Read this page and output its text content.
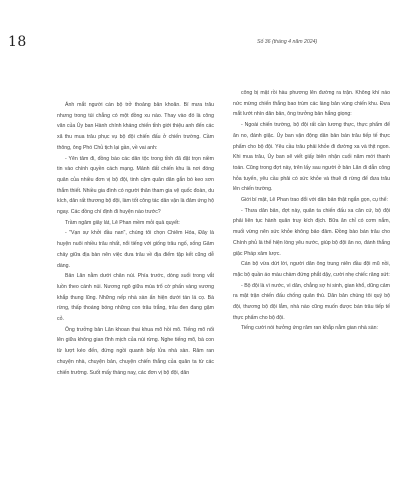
18	Số 36 (tháng 4 năm 2024)

Ánh mắt người cán bộ trở thoảng bân khoăn. Bí mưa trâu nhưng trong túi chẳng có một đồng xu nào. Thay vào đó là công văn của Ủy ban Hành chính kháng chiến tỉnh giới thiệu anh đến các xã thu mua trâu phục vụ bộ đội chiến đấu ở chiến trường. Cầm thông, ông Phó Chủ tịch lại gần, về vai anh:

- Yên tâm đi, đồng bào các dân tộc trong tỉnh đã đặt trọn niềm tin vào chính quyền cách mạng. Mảnh đất chiến khu là nơi đóng quân của nhiều đơn vị bộ đội, tinh cậm quân dân gắn bó keo sơn thắm thiết. Nhiều gia đình có người thân tham gia vệ quốc đoàn, du kích, dân rất thương bộ đội, làm tốt công tác dân vận là đảm ứng hộ ngay. Các đồng chí định đi huyện nào trước?

Trầm ngâm giây lát, Lê Phan mềm mỏi quả quyết:

- "Vạn sự khởi đầu nan", chúng tôi chọn Chiêm Hóa, Đây là huyện nuôi nhiều trâu nhất, nổi tiếng với giống trâu ngố, sống Gâm chảy giữa địa bàn nên việc đưa trâu về địa điểm tập kết cũng dễ dàng.

Bản Lăn nằm dưới chân núi. Phía trước, dòng suối trong vắt luồn theo cánh núi. Nương ngô giữa mùa trổ cờ phấn vàng vương khắp thung lũng. Những nếp nhà sàn ẩn hiện dưới tán lá cọ. Bà rừng, thấp thoáng bóng những con trâu trắng, trâu đen đang gặm cỏ.

Ông trưởng bản Lăn khoan thai khua mõ hồi mõ. Tiếng mõ nổi lên giữa không gian tĩnh mịch của núi rừng. Nghe tiếng mõ, bà con từ lượt kéo đến, đứng ngồi quanh bếp lửa nhà sàn. Râm ran chuyện nhà, chuyện bản, chuyện chiến thắng của quân ta từ các chiến trường. Suốt mấy tháng nay, các đơn vị bộ đội, dân

công bị mật rồi hàu phương lên đường ra trận. Không khí náo nức mừng chiến thắng bao trùm các làng bản vùng chiến khu. Đưa mắt lướt nhìn dân bản, ông trưởng bản hắng giọng:

- Ngoài chiến trường, bộ đội rất cần lương thực, thực phẩm để ăn no, đánh giặc. Ủy ban vận động dân bản bán trâu tiếp tế thực phẩm cho bộ đội. Yêu cầu trâu phải khỏe đi đường xa và thịt ngon. Khi mua trâu, Ủy ban sẽ viết giấy biên nhận cuối năm mới thanh toán. Cũng trong đợt này, trên lấy sau người ở bản Lăn đi dẫn công hỏa tuyến, yêu cầu phải có sức khỏe và thuê đi rừng để đưa trâu lên chiến trường.

Giới bí mật, Lê Phan trao đổi với dân bản thật ngắn gọn, cụ thể:

- Thưa dân bản, đợt này, quân ta chiến đấu xa căn cứ, bộ đội phải liên tục hành quân truy kích địch. Bữa ăn chỉ có cơm nắm, muối vừng nên sức khỏe không bảo đảm. Đồng bào bán trâu cho Chính phủ là thể hiện lòng yêu nước, giúp bộ đội ăn no, đánh thắng giặc Pháp xâm lược.

Cán bộ vừa dứt lời, người dân ông trung niên đầu đội mũ nồi, mặc bộ quần áo màu chàm đứng phắt dậy, cười nhẹ chiếc răng sứt:

- Bộ đội là vì nước, vì dân, chẳng sợ hi sinh, gian khổ, dũng cảm ra mặt trận chiến đấu chống quân thù. Dân bản chúng tôi quý bộ đội, thương bộ đội lắm, nhà nào cũng muốn được bán trâu tiếp tế thực phẩm cho bộ đội.

Tiếng cười nói hưởng ứng râm ran khắp nằm gian nhà sàn:
